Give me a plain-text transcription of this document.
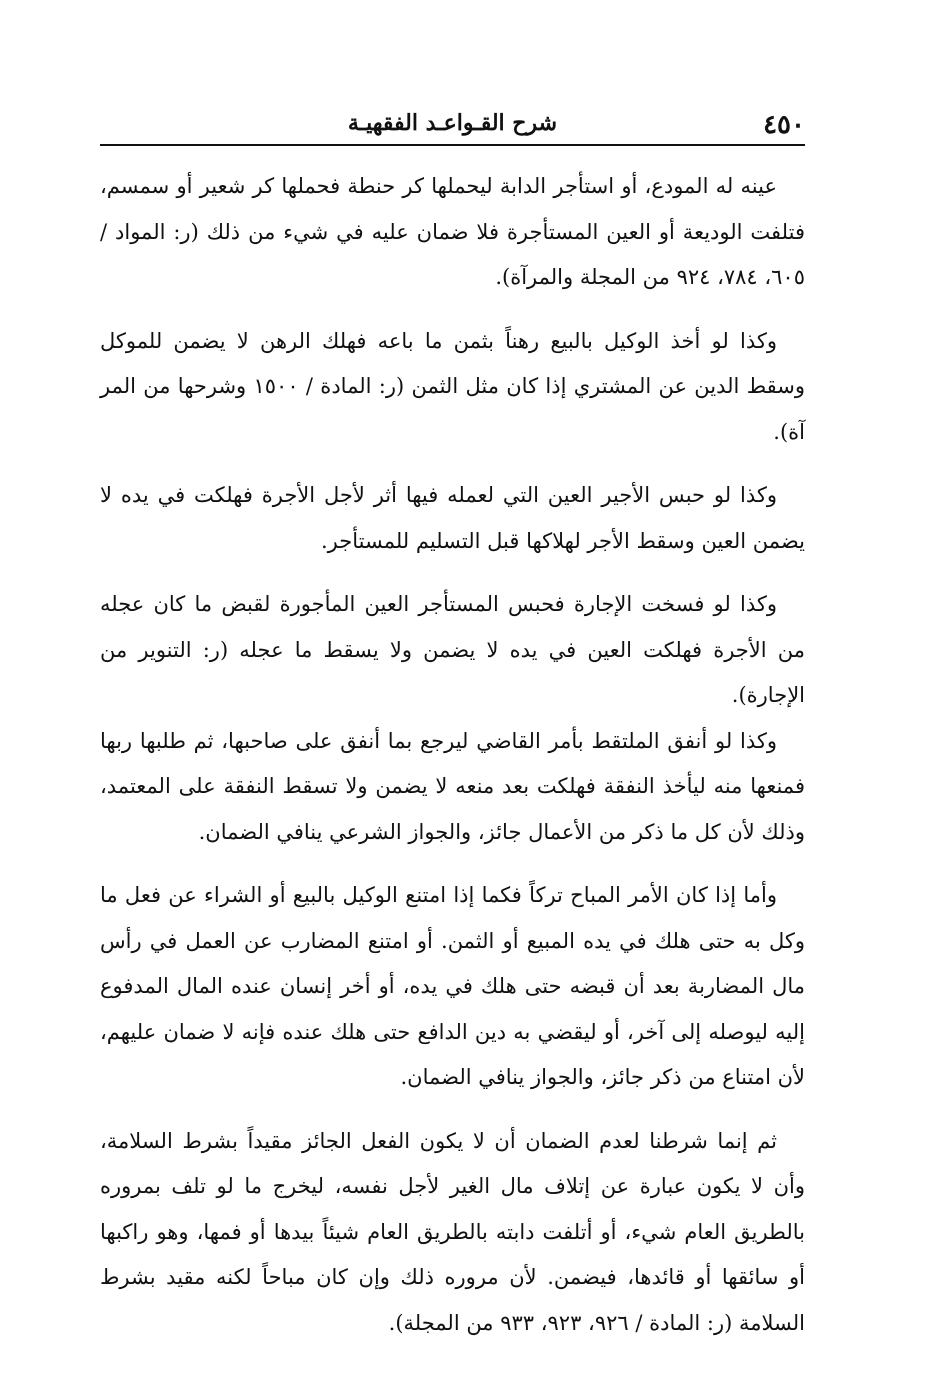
٤٥٠
شرح القـواعـد الفقهيـة

عينه له المودع، أو استأجر الدابة ليحملها كر حنطة فحملها كر شعير أو سمسم، فتلفت الوديعة أو العين المستأجرة فلا ضمان عليه في شيء من ذلك (ر: المواد / ٦٠٥، ٧٨٤، ٩٢٤ من المجلة والمرآة).

وكذا لو أخذ الوكيل بالبيع رهناً بثمن ما باعه فهلك الرهن لا يضمن للموكل وسقط الدين عن المشتري إذا كان مثل الثمن (ر: المادة / ١٥٠٠ وشرحها من المر آة).

وكذا لو حبس الأجير العين التي لعمله فيها أثر لأجل الأجرة فهلكت في يده لا يضمن العين وسقط الأجر لهلاكها قبل التسليم للمستأجر.

وكذا لو فسخت الإجارة فحبس المستأجر العين المأجورة لقبض ما كان عجله من الأجرة فهلكت العين في يده لا يضمن ولا يسقط ما عجله (ر: التنوير من الإجارة).

وكذا لو أنفق الملتقط بأمر القاضي ليرجع بما أنفق على صاحبها، ثم طلبها ربها فمنعها منه ليأخذ النفقة فهلكت بعد منعه لا يضمن ولا تسقط النفقة على المعتمد، وذلك لأن كل ما ذكر من الأعمال جائز، والجواز الشرعي ينافي الضمان.

وأما إذا كان الأمر المباح تركاً فكما إذا امتنع الوكيل بالبيع أو الشراء عن فعل ما وكل به حتى هلك في يده المبيع أو الثمن. أو امتنع المضارب عن العمل في رأس مال المضاربة بعد أن قبضه حتى هلك في يده، أو أخر إنسان عنده المال المدفوع إليه ليوصله إلى آخر، أو ليقضي به دين الدافع حتى هلك عنده فإنه لا ضمان عليهم، لأن امتناع من ذكر جائز، والجواز ينافي الضمان.

ثم إنما شرطنا لعدم الضمان أن لا يكون الفعل الجائز مقيداً بشرط السلامة، وأن لا يكون عبارة عن إتلاف مال الغير لأجل نفسه، ليخرج ما لو تلف بمروره بالطريق العام شيء، أو أتلفت دابته بالطريق العام شيئاً بيدها أو فمها، وهو راكبها أو سائقها أو قائدها، فيضمن. لأن مروره ذلك وإن كان مباحاً لكنه مقيد بشرط السلامة (ر: المادة / ٩٢٦، ٩٢٣، ٩٣٣ من المجلة).
